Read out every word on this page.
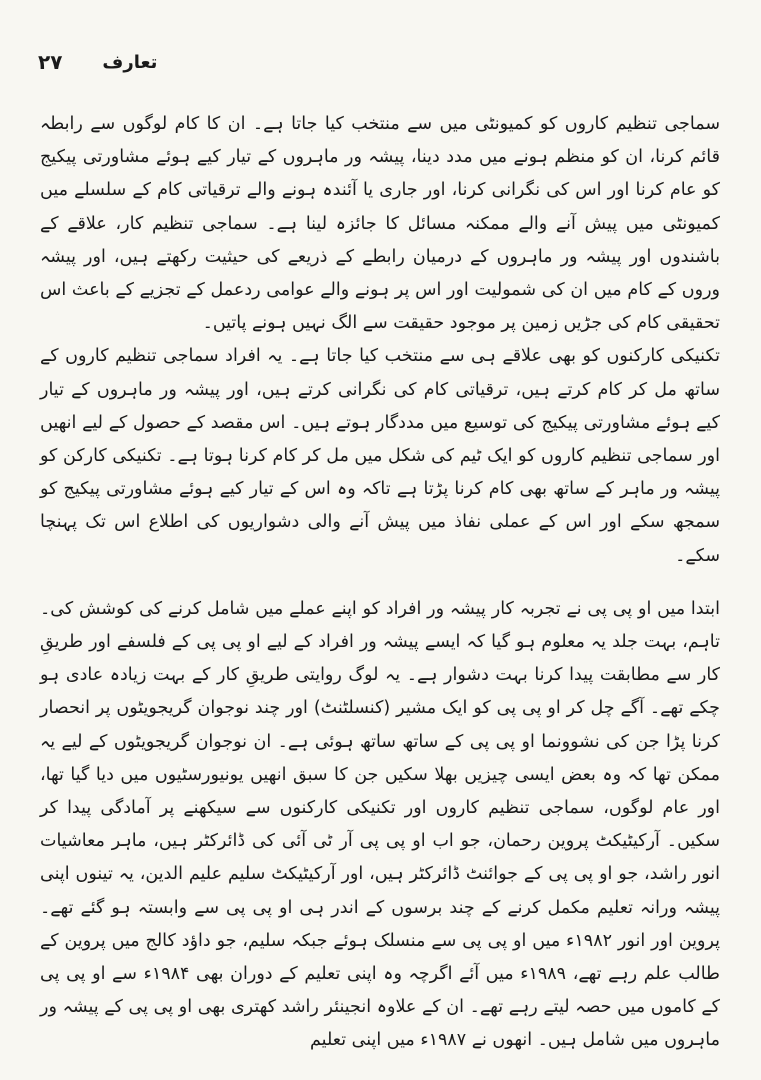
۲۷ تعارف

سماجی تنظیم کاروں کو کمیونٹی میں سے منتخب کیا جاتا ہے۔ ان کا کام لوگوں سے رابطہ قائم کرنا، ان کو منظم ہونے میں مدد دینا، پیشہ ور ماہروں کے تیار کیے ہوئے مشاورتی پیکیج کو عام کرنا اور اس کی نگرانی کرنا، اور جاری یا آئندہ ہونے والے ترقیاتی کام کے سلسلے میں کمیونٹی میں پیش آنے والے ممکنہ مسائل کا جائزہ لینا ہے۔ سماجی تنظیم کار، علاقے کے باشندوں اور پیشہ ور ماہروں کے درمیان رابطے کے ذریعے کی حیثیت رکھتے ہیں، اور پیشہ وروں کے کام میں ان کی شمولیت اور اس پر ہونے والے عوامی ردعمل کے تجزیے کے باعث اس تحقیقی کام کی جڑیں زمین پر موجود حقیقت سے الگ نہیں ہونے پاتیں۔

تکنیکی کارکنوں کو بھی علاقے ہی سے منتخب کیا جاتا ہے۔ یہ افراد سماجی تنظیم کاروں کے ساتھ مل کر کام کرتے ہیں، ترقیاتی کام کی نگرانی کرتے ہیں، اور پیشہ ور ماہروں کے تیار کیے ہوئے مشاورتی پیکیج کی توسیع میں مددگار ہوتے ہیں۔ اس مقصد کے حصول کے لیے انھیں اور سماجی تنظیم کاروں کو ایک ٹیم کی شکل میں مل کر کام کرنا ہوتا ہے۔ تکنیکی کارکن کو پیشہ ور ماہر کے ساتھ بھی کام کرنا پڑتا ہے تاکہ وہ اس کے تیار کیے ہوئے مشاورتی پیکیج کو سمجھ سکے اور اس کے عملی نفاذ میں پیش آنے والی دشواریوں کی اطلاع اس تک پہنچا سکے۔

ابتدا میں او پی پی نے تجربہ کار پیشہ ور افراد کو اپنے عملے میں شامل کرنے کی کوشش کی۔ تاہم، بہت جلد یہ معلوم ہو گیا کہ ایسے پیشہ ور افراد کے لیے او پی پی کے فلسفے اور طریقِ کار سے مطابقت پیدا کرنا بہت دشوار ہے۔ یہ لوگ روایتی طریقِ کار کے بہت زیادہ عادی ہو چکے تھے۔ آگے چل کر او پی پی کو ایک مشیر (کنسلٹنٹ) اور چند نوجوان گریجویٹوں پر انحصار کرنا پڑا جن کی نشوونما او پی پی کے ساتھ ساتھ ہوئی ہے۔ ان نوجوان گریجویٹوں کے لیے یہ ممکن تھا کہ وہ بعض ایسی چیزیں بھلا سکیں جن کا سبق انھیں یونیورسٹیوں میں دیا گیا تھا، اور عام لوگوں، سماجی تنظیم کاروں اور تکنیکی کارکنوں سے سیکھنے پر آمادگی پیدا کر سکیں۔ آرکیٹیکٹ پروین رحمان، جو اب او پی پی آر ٹی آئی کی ڈائرکٹر ہیں، ماہر معاشیات انور راشد، جو او پی پی کے جوائنٹ ڈائرکٹر ہیں، اور آرکیٹیکٹ سلیم علیم الدین، یہ تینوں اپنی پیشہ ورانہ تعلیم مکمل کرنے کے چند برسوں کے اندر ہی او پی پی سے وابستہ ہو گئے تھے۔ پروین اور انور ۱۹۸۲ء میں او پی پی سے منسلک ہوئے جبکہ سلیم، جو داؤد کالج میں پروین کے طالب علم رہے تھے، ۱۹۸۹ء میں آئے اگرچہ وہ اپنی تعلیم کے دوران بھی ۱۹۸۴ء سے او پی پی کے کاموں میں حصہ لیتے رہے تھے۔ ان کے علاوہ انجینئر راشد کھتری بھی او پی پی کے پیشہ ور ماہروں میں شامل ہیں۔ انھوں نے ۱۹۸۷ء میں اپنی تعلیم
